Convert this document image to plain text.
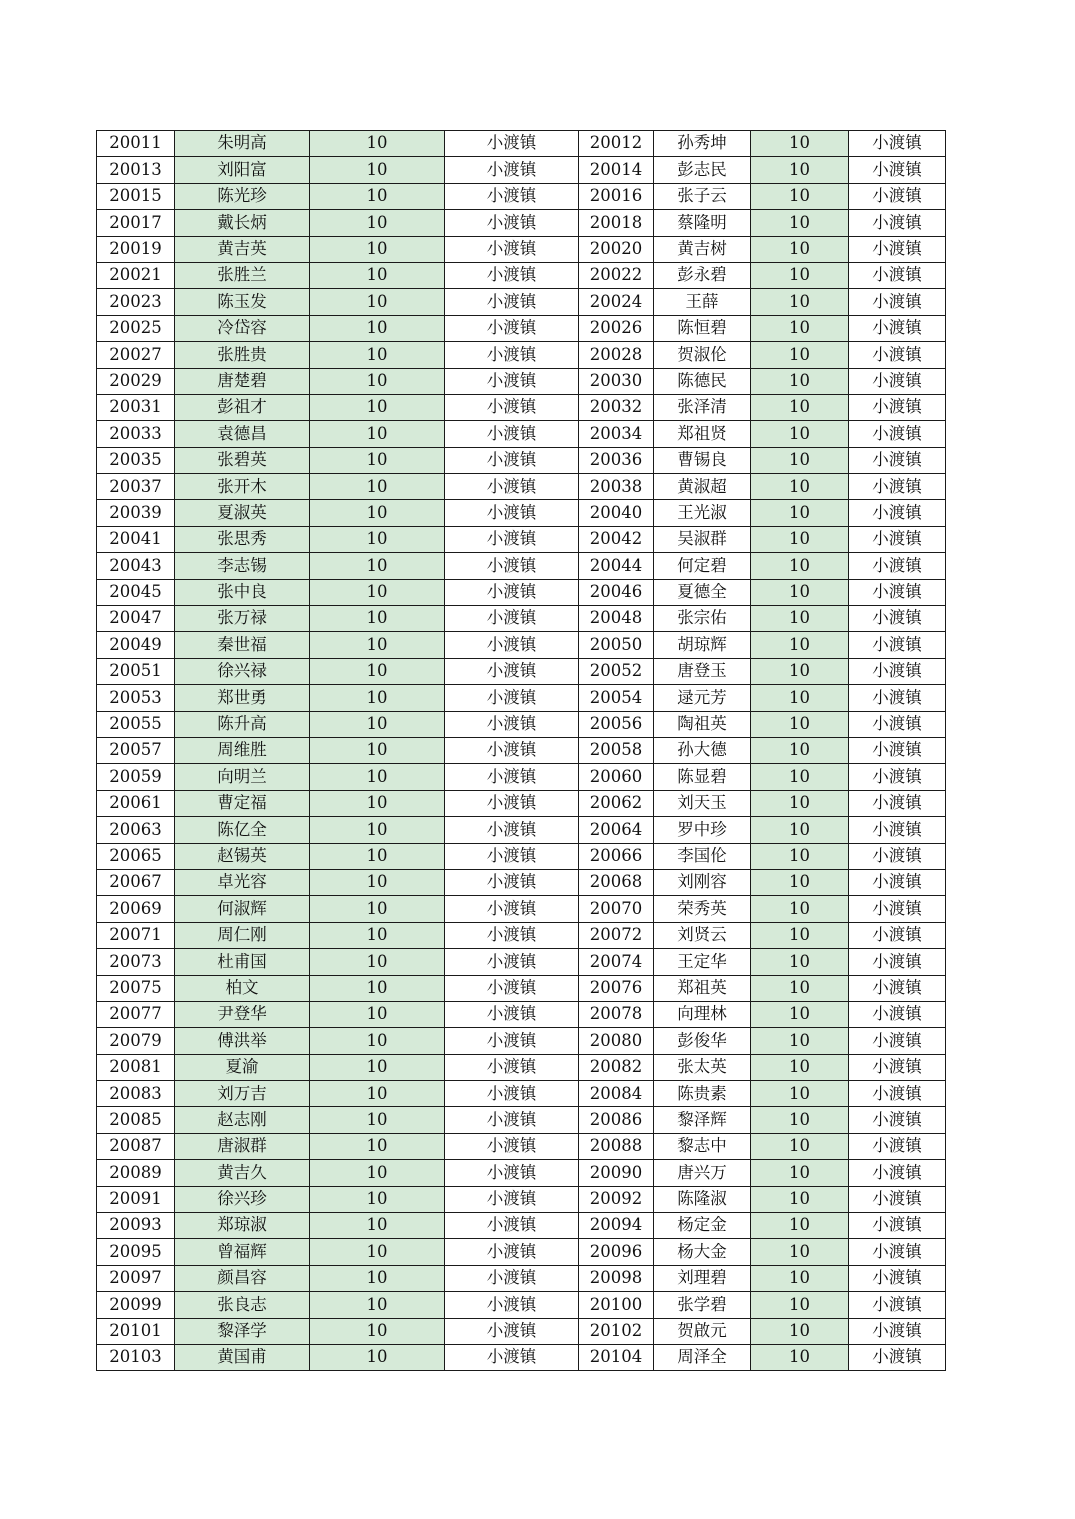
20011	朱明高	10	小渡镇	20012	孙秀坤	10	小渡镇
20013	刘阳富	10	小渡镇	20014	彭志民	10	小渡镇
20015	陈光珍	10	小渡镇	20016	张子云	10	小渡镇
20017	戴长炳	10	小渡镇	20018	蔡隆明	10	小渡镇
20019	黄吉英	10	小渡镇	20020	黄吉树	10	小渡镇
20021	张胜兰	10	小渡镇	20022	彭永碧	10	小渡镇
20023	陈玉发	10	小渡镇	20024	王薛	10	小渡镇
20025	冷岱容	10	小渡镇	20026	陈恒碧	10	小渡镇
20027	张胜贵	10	小渡镇	20028	贺淑伦	10	小渡镇
20029	唐楚碧	10	小渡镇	20030	陈德民	10	小渡镇
20031	彭祖才	10	小渡镇	20032	张泽清	10	小渡镇
20033	袁德昌	10	小渡镇	20034	郑祖贤	10	小渡镇
20035	张碧英	10	小渡镇	20036	曹锡良	10	小渡镇
20037	张开木	10	小渡镇	20038	黄淑超	10	小渡镇
20039	夏淑英	10	小渡镇	20040	王光淑	10	小渡镇
20041	张思秀	10	小渡镇	20042	吴淑群	10	小渡镇
20043	李志锡	10	小渡镇	20044	何定碧	10	小渡镇
20045	张中良	10	小渡镇	20046	夏德全	10	小渡镇
20047	张万禄	10	小渡镇	20048	张宗佑	10	小渡镇
20049	秦世福	10	小渡镇	20050	胡琼辉	10	小渡镇
20051	徐兴禄	10	小渡镇	20052	唐登玉	10	小渡镇
20053	郑世勇	10	小渡镇	20054	逯元芳	10	小渡镇
20055	陈升高	10	小渡镇	20056	陶祖英	10	小渡镇
20057	周维胜	10	小渡镇	20058	孙大德	10	小渡镇
20059	向明兰	10	小渡镇	20060	陈显碧	10	小渡镇
20061	曹定福	10	小渡镇	20062	刘天玉	10	小渡镇
20063	陈亿全	10	小渡镇	20064	罗中珍	10	小渡镇
20065	赵锡英	10	小渡镇	20066	李国伦	10	小渡镇
20067	卓光容	10	小渡镇	20068	刘刚容	10	小渡镇
20069	何淑辉	10	小渡镇	20070	荣秀英	10	小渡镇
20071	周仁刚	10	小渡镇	20072	刘贤云	10	小渡镇
20073	杜甫国	10	小渡镇	20074	王定华	10	小渡镇
20075	柏文	10	小渡镇	20076	郑祖英	10	小渡镇
20077	尹登华	10	小渡镇	20078	向理林	10	小渡镇
20079	傅洪举	10	小渡镇	20080	彭俊华	10	小渡镇
20081	夏渝	10	小渡镇	20082	张太英	10	小渡镇
20083	刘万吉	10	小渡镇	20084	陈贵素	10	小渡镇
20085	赵志刚	10	小渡镇	20086	黎泽辉	10	小渡镇
20087	唐淑群	10	小渡镇	20088	黎志中	10	小渡镇
20089	黄吉久	10	小渡镇	20090	唐兴万	10	小渡镇
20091	徐兴珍	10	小渡镇	20092	陈隆淑	10	小渡镇
20093	郑琼淑	10	小渡镇	20094	杨定金	10	小渡镇
20095	曾福辉	10	小渡镇	20096	杨大金	10	小渡镇
20097	颜昌容	10	小渡镇	20098	刘理碧	10	小渡镇
20099	张良志	10	小渡镇	20100	张学碧	10	小渡镇
20101	黎泽学	10	小渡镇	20102	贺啟元	10	小渡镇
20103	黄国甫	10	小渡镇	20104	周泽全	10	小渡镇
